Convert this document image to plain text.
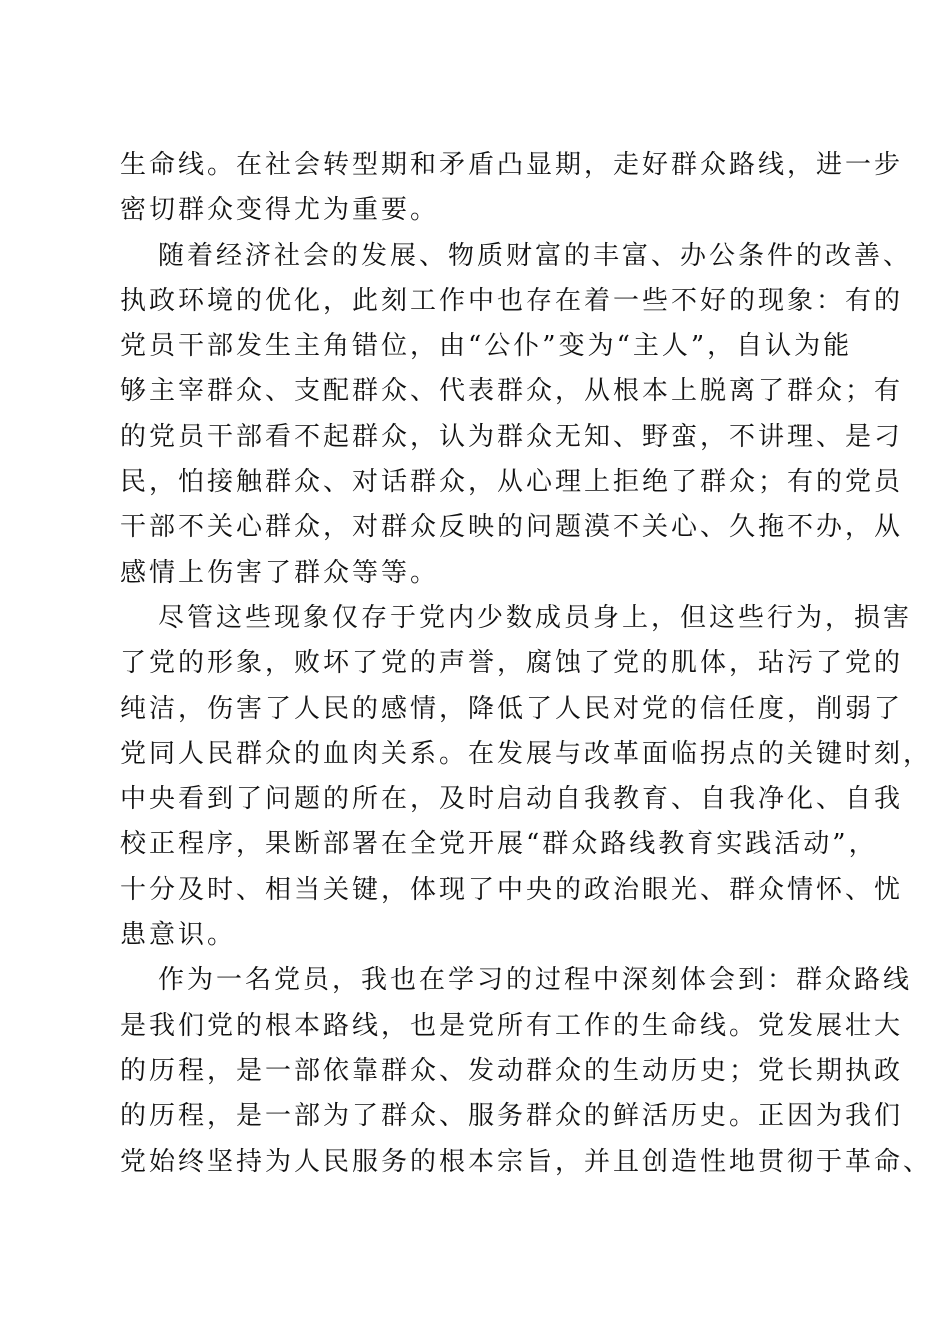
生命线。在社会转型期和矛盾凸显期，走好群众路线，进一步
密切群众变得尤为重要。
随着经济社会的发展、物质财富的丰富、办公条件的改善、
执政环境的优化，此刻工作中也存在着一些不好的现象：有的
党员干部发生主角错位，由“公仆”变为“主人”，自认为能
够主宰群众、支配群众、代表群众，从根本上脱离了群众；有
的党员干部看不起群众，认为群众无知、野蛮，不讲理、是刁
民，怕接触群众、对话群众，从心理上拒绝了群众；有的党员
干部不关心群众，对群众反映的问题漠不关心、久拖不办，从
感情上伤害了群众等等。
尽管这些现象仅存于党内少数成员身上，但这些行为，损害
了党的形象，败坏了党的声誉，腐蚀了党的肌体，玷污了党的
纯洁，伤害了人民的感情，降低了人民对党的信任度，削弱了
党同人民群众的血肉关系。在发展与改革面临拐点的关键时刻，
中央看到了问题的所在，及时启动自我教育、自我净化、自我
校正程序，果断部署在全党开展“群众路线教育实践活动”，
十分及时、相当关键，体现了中央的政治眼光、群众情怀、忧
患意识。
作为一名党员，我也在学习的过程中深刻体会到：群众路线
是我们党的根本路线，也是党所有工作的生命线。党发展壮大
的历程，是一部依靠群众、发动群众的生动历史；党长期执政
的历程，是一部为了群众、服务群众的鲜活历史。正因为我们
党始终坚持为人民服务的根本宗旨，并且创造性地贯彻于革命、
